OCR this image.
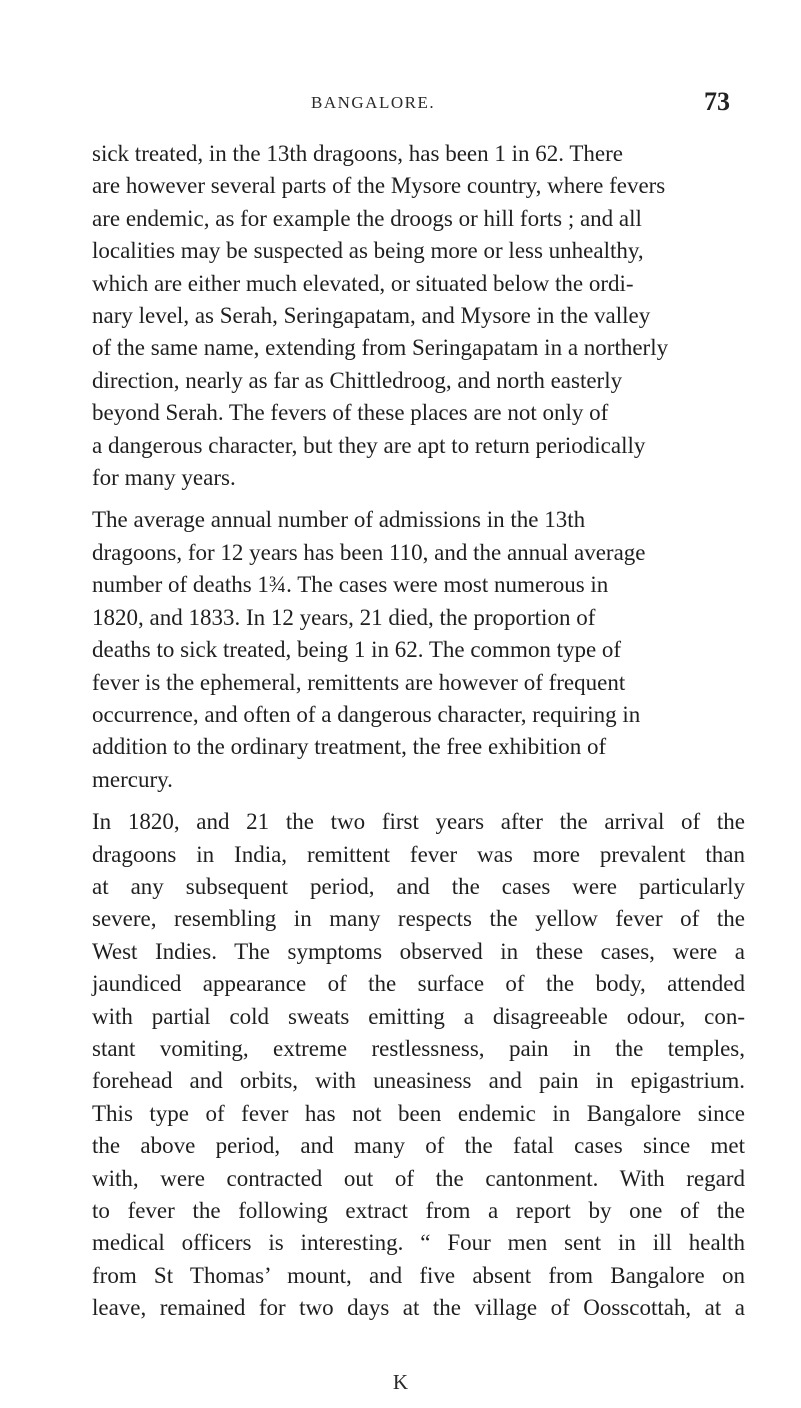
BANGALORE.	73

sick treated, in the 13th dragoons, has been 1 in 62. There
are however several parts of the Mysore country, where fevers
are endemic, as for example the droogs or hill forts ; and all
localities may be suspected as being more or less unhealthy,
which are either much elevated, or situated below the ordi-
nary level, as Serah, Seringapatam, and Mysore in the valley
of the same name, extending from Seringapatam in a northerly
direction, nearly as far as Chittledroog, and north easterly
beyond Serah. The fevers of these places are not only of
a dangerous character, but they are apt to return periodically
for many years.

The average annual number of admissions in the 13th
dragoons, for 12 years has been 110, and the annual average
number of deaths 1¾. The cases were most numerous in
1820, and 1833. In 12 years, 21 died, the proportion of
deaths to sick treated, being 1 in 62. The common type of
fever is the ephemeral, remittents are however of frequent
occurrence, and often of a dangerous character, requiring in
addition to the ordinary treatment, the free exhibition of
mercury.

In 1820, and 21 the two first years after the arrival of the
dragoons in India, remittent fever was more prevalent than
at any subsequent period, and the cases were particularly
severe, resembling in many respects the yellow fever of the
West Indies. The symptoms observed in these cases, were a
jaundiced appearance of the surface of the body, attended
with partial cold sweats emitting a disagreeable odour, con-
stant vomiting, extreme restlessness, pain in the temples,
forehead and orbits, with uneasiness and pain in epigastrium.
This type of fever has not been endemic in Bangalore since
the above period, and many of the fatal cases since met
with, were contracted out of the cantonment. With regard
to fever the following extract from a report by one of the
medical officers is interesting. “ Four men sent in ill health
from St Thomas’ mount, and five absent from Bangalore on
leave, remained for two days at the village of Oosscottah, at a

K
